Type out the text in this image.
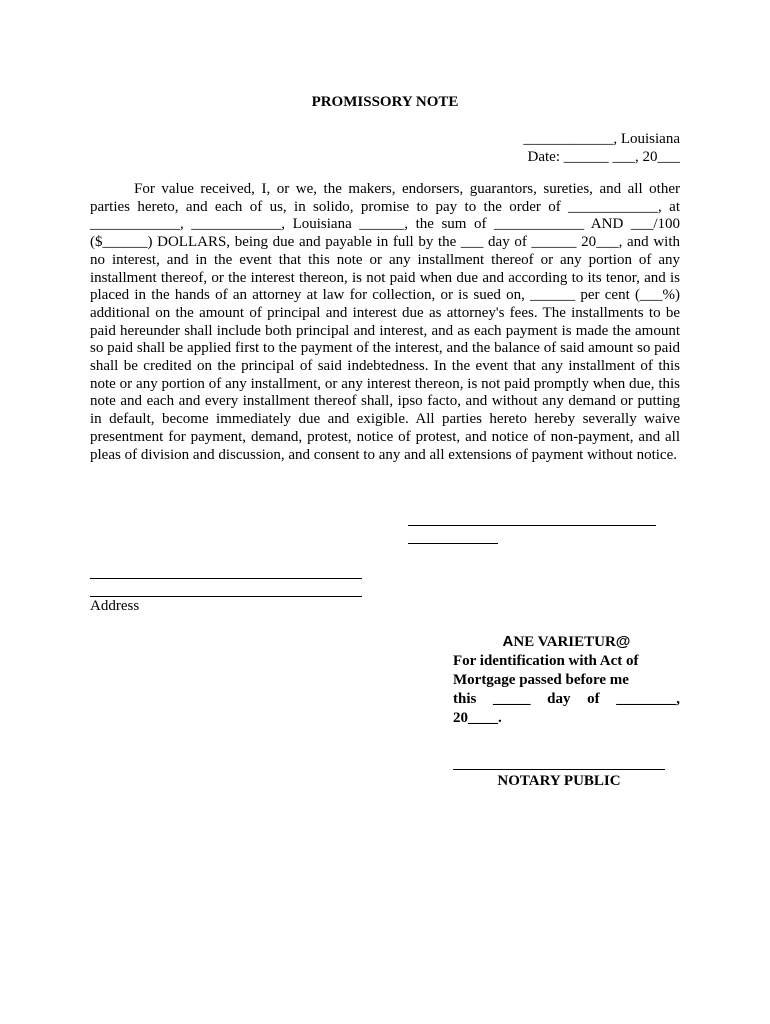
PROMISSORY NOTE
____________, Louisiana
Date: ______ ___, 20___
For value received, I, or we, the makers, endorsers, guarantors, sureties, and all other parties hereto, and each of us, in solido, promise to pay to the order of ____________, at ____________, ____________, Louisiana ______, the sum of ____________ AND ___/100 ($______) DOLLARS, being due and payable in full by the ___ day of ______ 20___, and with no interest, and in the event that this note or any installment thereof or any portion of any installment thereof, or the interest thereon, is not paid when due and according to its tenor, and is placed in the hands of an attorney at law for collection, or is sued on, ______ per cent (___%) additional on the amount of principal and interest due as attorney's fees. The installments to be paid hereunder shall include both principal and interest, and as each payment is made the amount so paid shall be applied first to the payment of the interest, and the balance of said amount so paid shall be credited on the principal of said indebtedness. In the event that any installment of this note or any portion of any installment, or any interest thereon, is not paid promptly when due, this note and each and every installment thereof shall, ipso facto, and without any demand or putting in default, become immediately due and exigible. All parties hereto hereby severally waive presentment for payment, demand, protest, notice of protest, and notice of non-payment, and all pleas of division and discussion, and consent to any and all extensions of payment without notice.
Address
ANE VARIETUR@
For identification with Act of
Mortgage passed before me
this _____ day of ________,
20____.
NOTARY PUBLIC
